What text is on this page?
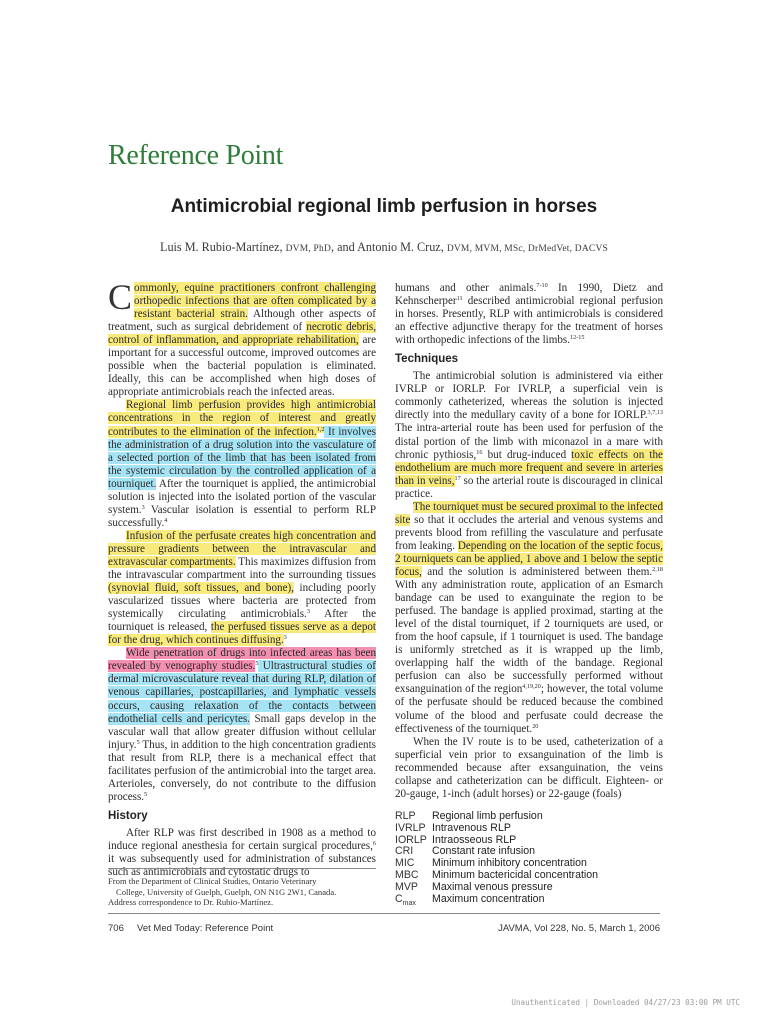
Reference Point
Antimicrobial regional limb perfusion in horses
Luis M. Rubio-Martínez, DVM, PhD, and Antonio M. Cruz, DVM, MVM, MSc, DrMedVet, DACVS

Commonly, equine practitioners confront challenging orthopedic infections that are often complicated by a resistant bacterial strain. Although other aspects of treatment, such as surgical debridement of necrotic debris, control of inflammation, and appropriate rehabilitation, are important for a successful outcome, improved outcomes are possible when the bacterial population is eliminated. Ideally, this can be accomplished when high doses of appropriate antimicrobials reach the infected areas.

Regional limb perfusion provides high antimicrobial concentrations in the region of interest and greatly contributes to the elimination of the infection.$^{1,2}$ It involves the administration of a drug solution into the vasculature of a selected portion of the limb that has been isolated from the systemic circulation by the controlled application of a tourniquet. After the tourniquet is applied, the antimicrobial solution is injected into the isolated portion of the vascular system.$^3$ Vascular isolation is essential to perform RLP successfully.$^4$

Infusion of the perfusate creates high concentration and pressure gradients between the intravascular and extravascular compartments. This maximizes diffusion from the intravascular compartment into the surrounding tissues (synovial fluid, soft tissues, and bone), including poorly vascularized tissues where bacteria are protected from systemically circulating antimicrobials.$^3$ After the tourniquet is released, the perfused tissues serve as a depot for the drug, which continues diffusing.$^3$

Wide penetration of drugs into infected areas has been revealed by venography studies.$^5$ Ultrastructural studies of dermal microvasculature reveal that during RLP, dilation of venous capillaries, postcapillaries, and lymphatic vessels occurs, causing relaxation of the contacts between endothelial cells and pericytes. Small gaps develop in the vascular wall that allow greater diffusion without cellular injury.$^5$ Thus, in addition to the high concentration gradients that result from RLP, there is a mechanical effect that facilitates perfusion of the antimicrobial into the target area. Arterioles, conversely, do not contribute to the diffusion process.$^5$

History

After RLP was first described in 1908 as a method to induce regional anesthesia for certain surgical procedures,$^6$ it was subsequently used for administration of substances such as antimicrobials and cytostatic drugs to

humans and other animals.$^{7-10}$ In 1990, Dietz and Kehnscherper$^{11}$ described antimicrobial regional perfusion in horses. Presently, RLP with antimicrobials is considered an effective adjunctive therapy for the treatment of horses with orthopedic infections of the limbs.$^{12-15}$

Techniques

The antimicrobial solution is administered via either IVRLP or IORLP. For IVRLP, a superficial vein is commonly catheterized, whereas the solution is injected directly into the medullary cavity of a bone for IORLP.$^{3,7,13}$ The intra-arterial route has been used for perfusion of the distal portion of the limb with miconazol in a mare with chronic pythiosis,$^{16}$ but drug-induced toxic effects on the endothelium are much more frequent and severe in arteries than in veins,$^{17}$ so the arterial route is discouraged in clinical practice.

The tourniquet must be secured proximal to the infected site so that it occludes the arterial and venous systems and prevents blood from refilling the vasculature and perfusate from leaking. Depending on the location of the septic focus, 2 tourniquets can be applied, 1 above and 1 below the septic focus, and the solution is administered between them.$^{2,18}$ With any administration route, application of an Esmarch bandage can be used to exanguinate the region to be perfused. The bandage is applied proximad, starting at the level of the distal tourniquet, if 2 tourniquets are used, or from the hoof capsule, if 1 tourniquet is used. The bandage is uniformly stretched as it is wrapped up the limb, overlapping half the width of the bandage. Regional perfusion can also be successfully performed without exsanguination of the region$^{4,19,20}$; however, the total volume of the perfusate should be reduced because the combined volume of the blood and perfusate could decrease the effectiveness of the tourniquet.$^{20}$

When the IV route is to be used, catheterization of a superficial vein prior to exsanguination of the limb is recommended because after exsanguination, the veins collapse and catheterization can be difficult. Eighteen- or 20-gauge, 1-inch (adult horses) or 22-gauge (foals)

RLP	Regional limb perfusion
IVRLP	Intravenous RLP
IORLP	Intraosseous RLP
CRI	Constant rate infusion
MIC	Minimum inhibitory concentration
MBC	Minimum bactericidal concentration
MVP	Maximal venous pressure
$C_{max}$	Maximum concentration

From the Department of Clinical Studies, Ontario Veterinary

College, University of Guelph, Guelph, ON N1G 2W1, Canada.

Address correspondence to Dr. Rubio-Martínez.

706     Vet Med Today: Reference Point	JAVMA, Vol 228, No. 5, March 1, 2006
Unauthenticated | Downloaded 04/27/23 03:00 PM UTC
